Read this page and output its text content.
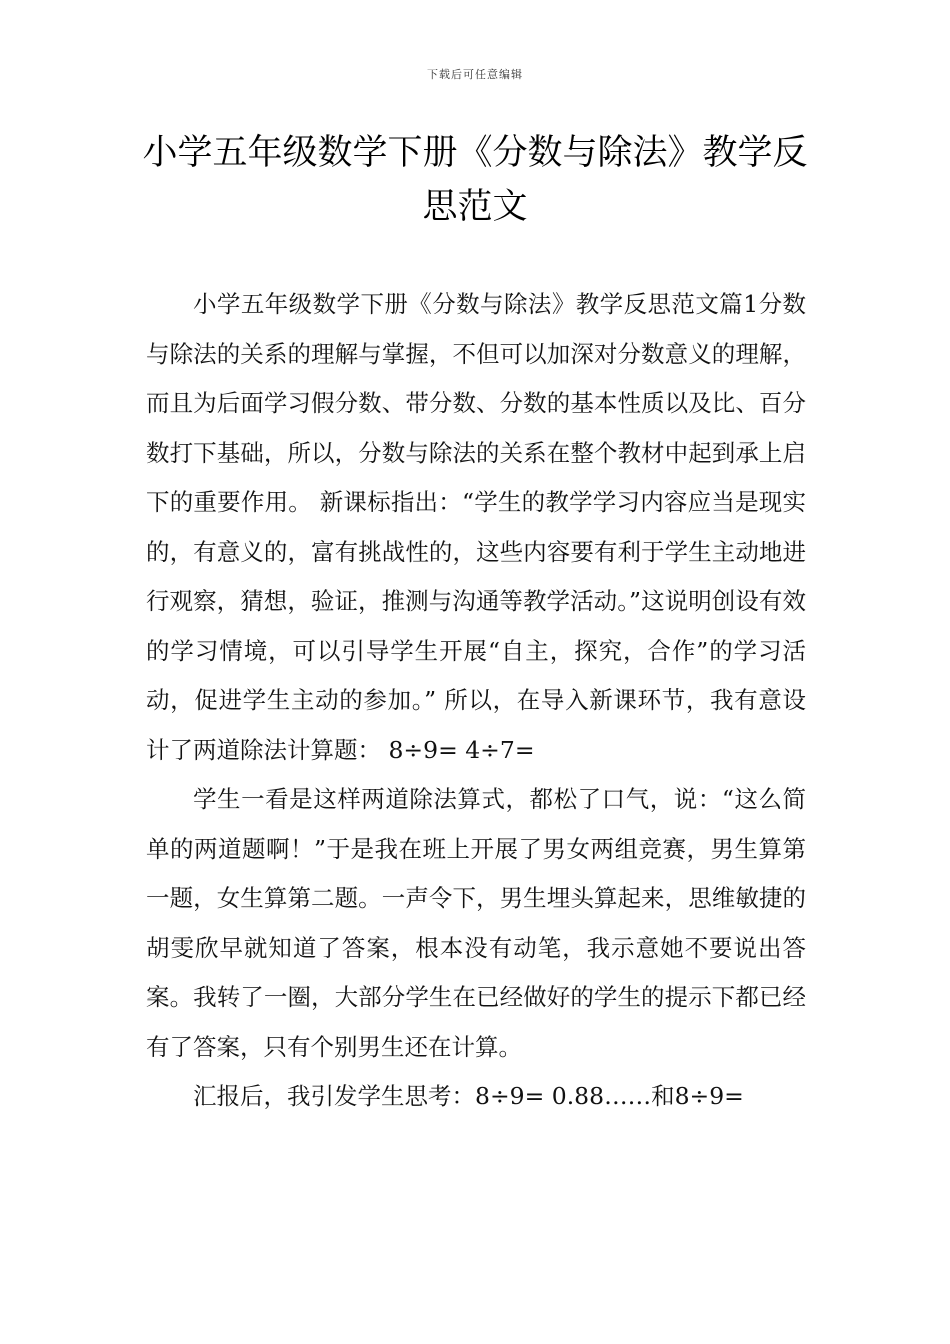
下载后可任意编辑
小学五年级数学下册《分数与除法》教学反思范文

小学五年级数学下册《分数与除法》教学反思范文篇1分数与除法的关系的理解与掌握，不但可以加深对分数意义的理解，而且为后面学习假分数、带分数、分数的基本性质以及比、百分数打下基础，所以，分数与除法的关系在整个教材中起到承上启下的重要作用。 新课标指出：“学生的教学学习内容应当是现实的，有意义的，富有挑战性的，这些内容要有利于学生主动地进行观察，猜想，验证，推测与沟通等教学活动。”这说明创设有效的学习情境，可以引导学生开展“自主，探究，合作”的学习活动，促进学生主动的参加。” 所以，在导入新课环节，我有意设计了两道除法计算题： 8÷9= 4÷7=

学生一看是这样两道除法算式，都松了口气，说：“这么简单的两道题啊！”于是我在班上开展了男女两组竞赛，男生算第一题，女生算第二题。一声令下，男生埋头算起来，思维敏捷的胡雯欣早就知道了答案，根本没有动笔，我示意她不要说出答案。我转了一圈，大部分学生在已经做好的学生的提示下都已经有了答案，只有个别男生还在计算。

汇报后，我引发学生思考：8÷9= 0.88……和8÷9=
